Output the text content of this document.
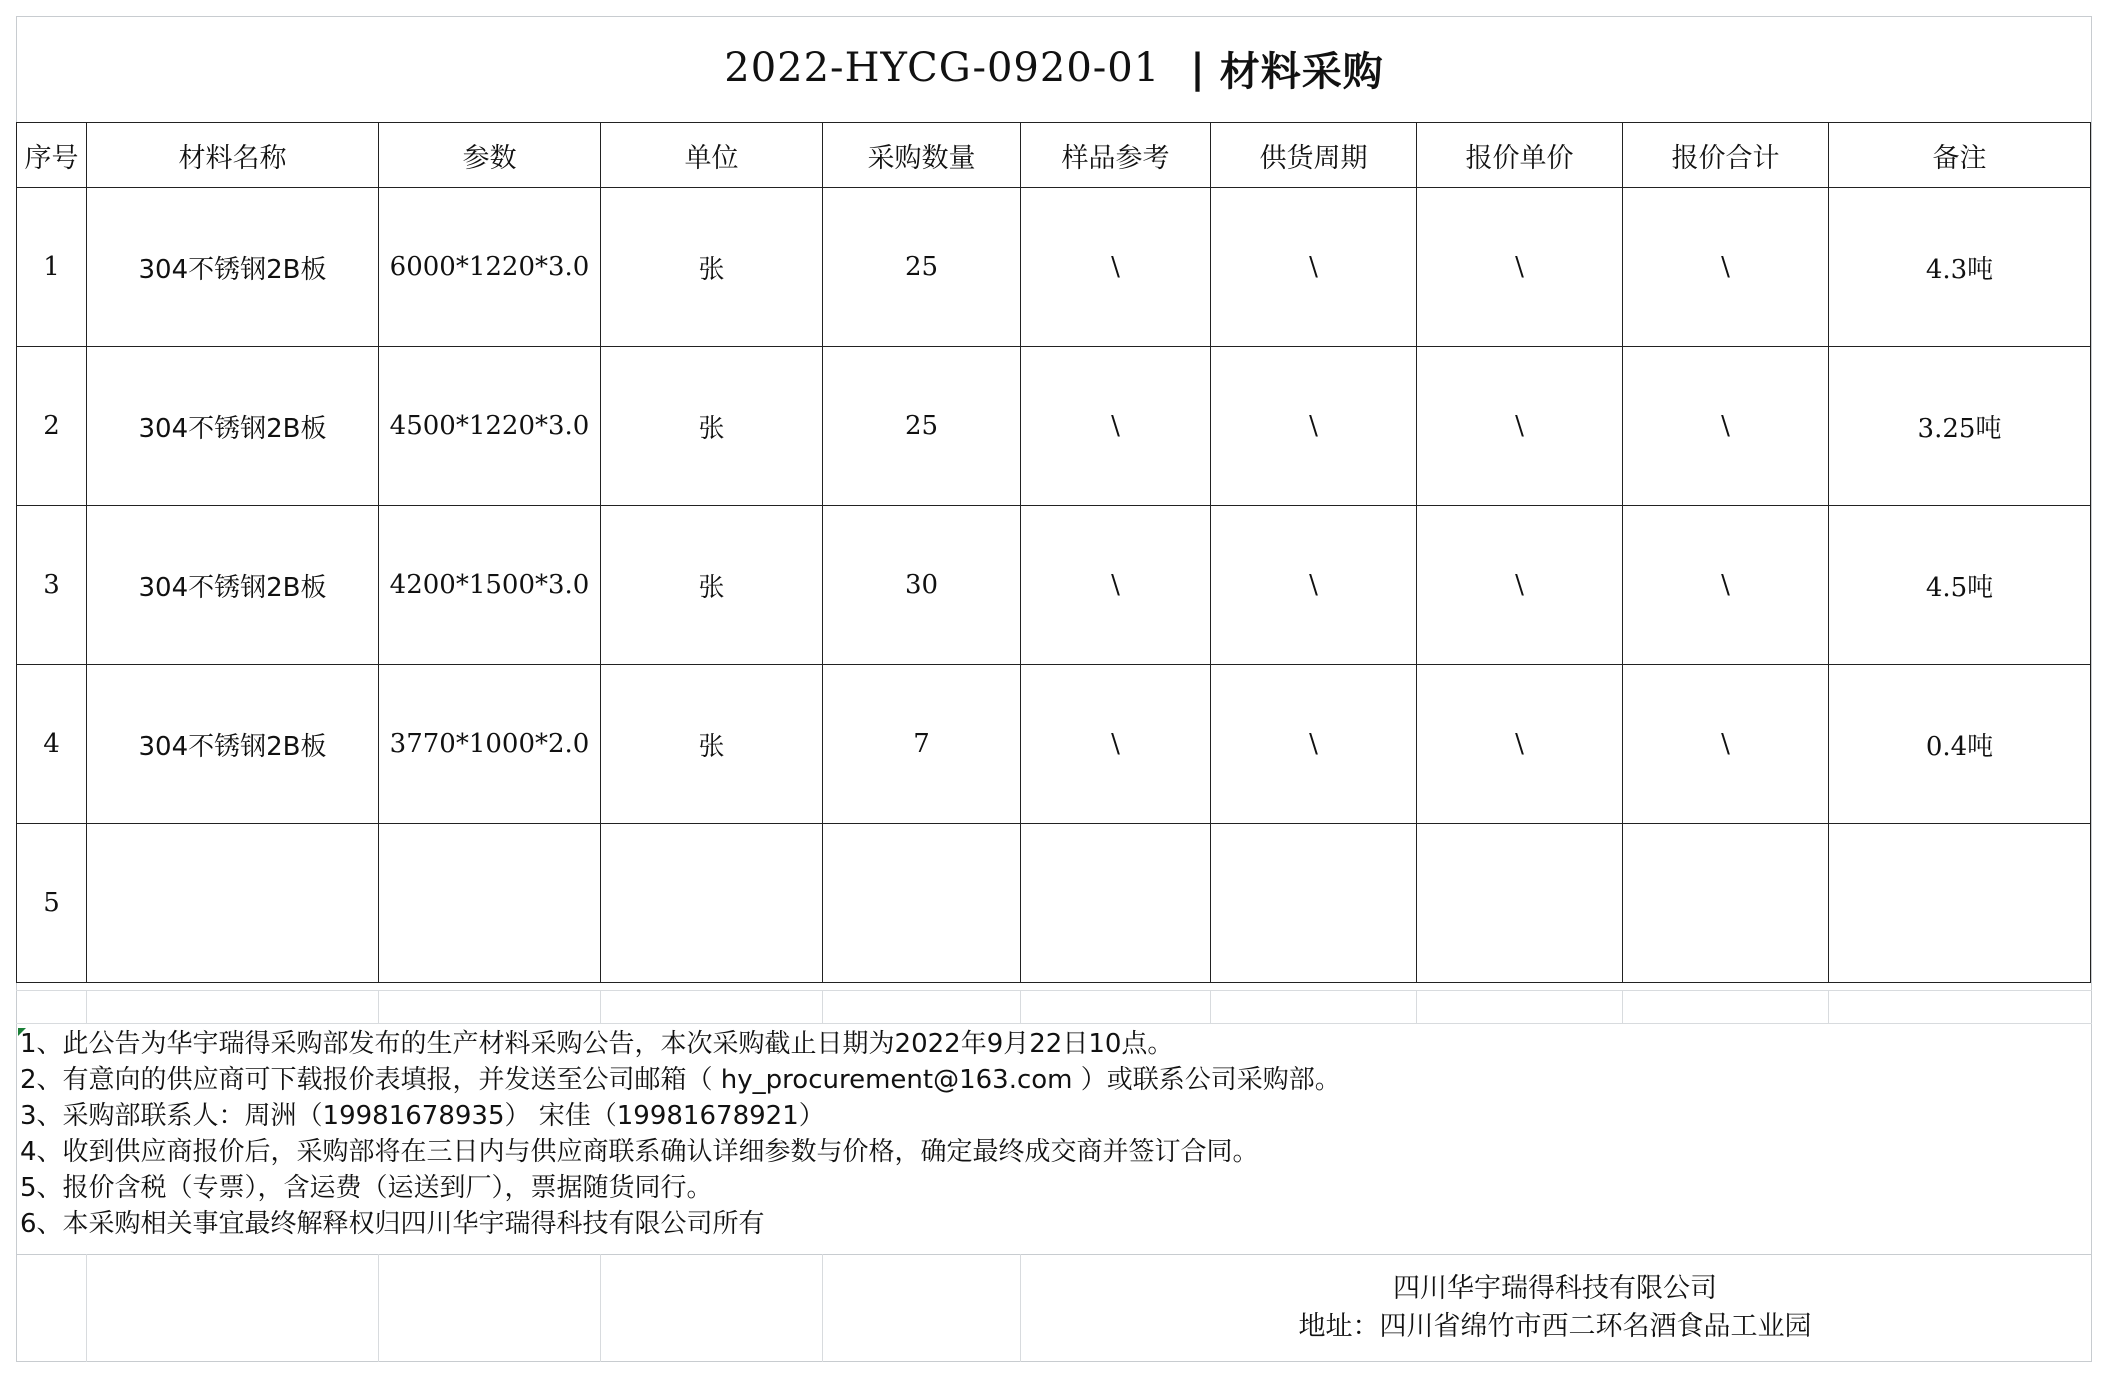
2022-HYCG-0920-01 | 材料采购
序号	材料名称	参数	单位	采购数量	样品参考	供货周期	报价单价	报价合计	备注
1	304不锈钢2B板	6000*1220*3.0	张	25	\	\	\	\	4.3吨
2	304不锈钢2B板	4500*1220*3.0	张	25	\	\	\	\	3.25吨
3	304不锈钢2B板	4200*1500*3.0	张	30	\	\	\	\	4.5吨
4	304不锈钢2B板	3770*1000*2.0	张	7	\	\	\	\	0.4吨
5									
1、此公告为华宇瑞得采购部发布的生产材料采购公告，本次采购截止日期为2022年9月22日10点。
2、有意向的供应商可下载报价表填报，并发送至公司邮箱（ hy_procurement@163.com ）或联系公司采购部。
3、采购部联系人：周洲（19981678935） 宋佳（19981678921）
4、收到供应商报价后，采购部将在三日内与供应商联系确认详细参数与价格，确定最终成交商并签订合同。
5、报价含税（专票），含运费（运送到厂），票据随货同行。
6、本采购相关事宜最终解释权归四川华宇瑞得科技有限公司所有
四川华宇瑞得科技有限公司
地址：四川省绵竹市西二环名酒食品工业园
